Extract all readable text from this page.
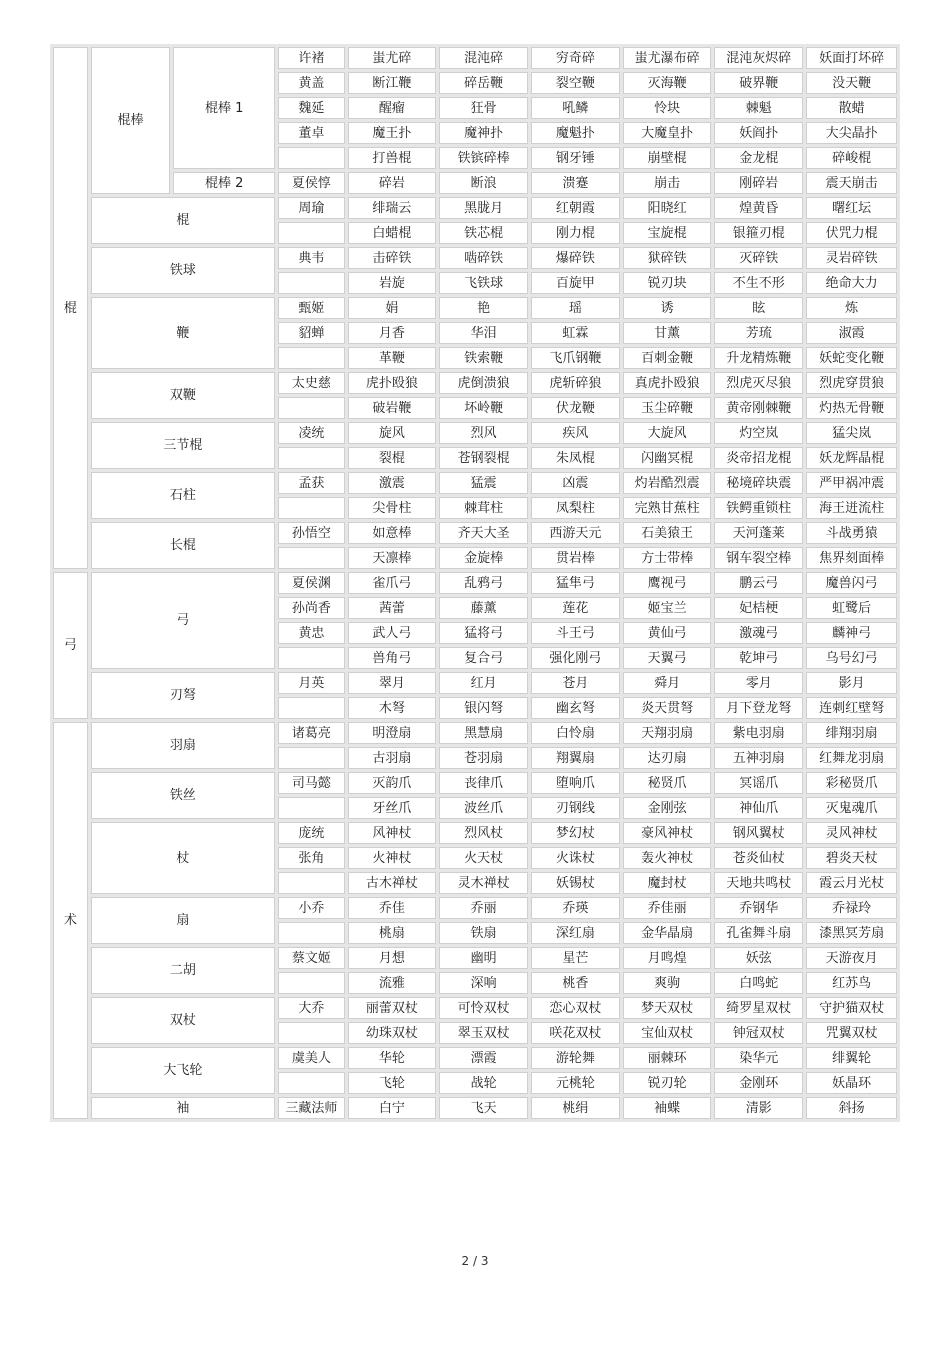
棍	棍棒	棍棒 1	许褚	蚩尤碎	混沌碎	穷奇碎	蚩尤瀑布碎	混沌灰烬碎	妖面打坏碎
			黄盖	断江鞭	碎岳鞭	裂空鞭	灭海鞭	破界鞭	没天鞭
			魏延	醒瘤	狂骨	吼鳞	怜块	棘魁	散蜡
			董卓	魔王扑	魔神扑	魔魁扑	大魔皇扑	妖阎扑	大尖晶扑
				打兽棍	铁镔碎棒	钢牙锤	崩壁棍	金龙棍	碎峻棍
		棍棒 2	夏侯惇	碎岩	断浪	溃蹇	崩击	刚碎岩	震天崩击
	棍		周瑜	绯瑞云	黑胧月	红朝霞	阳晓红	煌黄昏	曙红坛
				白蜡棍	铁芯棍	刚力棍	宝旋棍	银箍刃棍	伏咒力棍
	铁球		典韦	击碎铁	啮碎铁	爆碎铁	狱碎铁	灭碎铁	灵岩碎铁
				岩旋	飞铁球	百旋甲	锐刃块	不生不形	绝命大力
	鞭		甄姬	娟	艳	瑶	诱	眩	炼
			貂蝉	月香	华泪	虹霖	甘薰	芳琉	淑霞
				革鞭	铁索鞭	飞爪钢鞭	百刺金鞭	升龙精炼鞭	妖蛇变化鞭
	双鞭		太史慈	虎扑殴狼	虎倒溃狼	虎斩碎狼	真虎扑殴狼	烈虎灭尽狼	烈虎穿贯狼
				破岩鞭	坏岭鞭	伏龙鞭	玉尘碎鞭	黄帝刚棘鞭	灼热无骨鞭
	三节棍		凌统	旋风	烈风	疾风	大旋风	灼空岚	猛尖岚
				裂棍	苍钢裂棍	朱凤棍	闪幽冥棍	炎帝招龙棍	妖龙辉晶棍
	石柱		孟获	激震	猛震	凶震	灼岩酷烈震	秘境碎块震	严甲祸冲震
				尖骨柱	棘茸柱	凤梨柱	完熟甘蕉柱	铁鳄重锁柱	海王迸流柱
	长棍		孙悟空	如意棒	齐天大圣	西游天元	石美猿王	天河蓬莱	斗战勇猿
				天凛棒	金旋棒	贯岩棒	方士带棒	钢车裂空棒	焦界刻面棒
弓	弓		夏侯渊	雀爪弓	乱鸦弓	猛隼弓	鹰视弓	鹏云弓	魔兽闪弓
			孙尚香	茜蕾	藤薰	莲花	姬宝兰	妃桔梗	虹鹭后
			黄忠	武人弓	猛将弓	斗王弓	黄仙弓	激魂弓	麟神弓
				兽角弓	复合弓	强化刚弓	天翼弓	乾坤弓	乌号幻弓
	刃弩		月英	翠月	红月	苍月	舜月	零月	影月
				木弩	银闪弩	幽玄弩	炎天贯弩	月下登龙弩	连刺红壁弩
术	羽扇		诸葛亮	明澄扇	黑慧扇	白怜扇	天翔羽扇	紫电羽扇	绯翔羽扇
				古羽扇	苍羽扇	翔翼扇	达刃扇	五神羽扇	红舞龙羽扇
	铁丝		司马懿	灭韵爪	丧律爪	堕响爪	秘贤爪	冥谣爪	彩秘贤爪
				牙丝爪	波丝爪	刃钢线	金刚弦	神仙爪	灭鬼魂爪
	杖		庞统	风神杖	烈风杖	梦幻杖	豪风神杖	钢风翼杖	灵风神杖
			张角	火神杖	火天杖	火诛杖	轰火神杖	苍炎仙杖	碧炎天杖
				古木禅杖	灵木禅杖	妖锡杖	魔封杖	天地共鸣杖	霞云月光杖
	扇		小乔	乔佳	乔丽	乔瑛	乔佳丽	乔钢华	乔禄玲
				桃扇	铁扇	深红扇	金华晶扇	孔雀舞斗扇	漆黑冥芳扇
	二胡		蔡文姬	月想	幽明	星芒	月鸣煌	妖弦	天游夜月
				流雅	深响	桃香	爽驹	白鸣蛇	红苏鸟
	双杖		大乔	丽蕾双杖	可怜双杖	恋心双杖	梦天双杖	绮罗星双杖	守护猫双杖
				幼珠双杖	翠玉双杖	咲花双杖	宝仙双杖	钟冠双杖	咒翼双杖
	大飞轮		虞美人	华轮	漂霞	游轮舞	丽棘环	染华元	绯翼轮
				飞轮	战轮	元桃轮	锐刃轮	金刚环	妖晶环
	袖		三藏法师	白宁	飞天	桃绢	袖蝶	清影	斜扬
2 / 3
